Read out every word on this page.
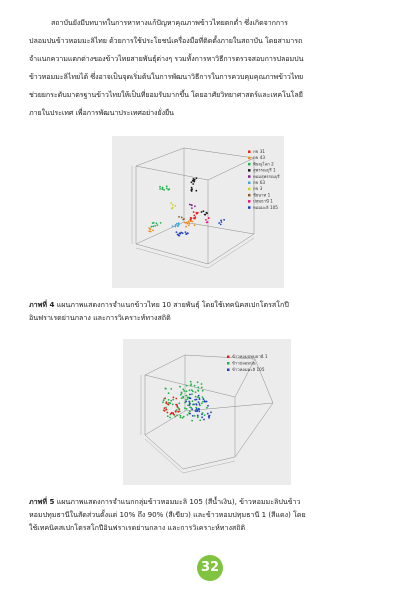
สถาบันยังมีบทบาทในการหาทางแก้ปัญหาคุณภาพข้าวไทยตกต่ำ ซึ่งเกิดจากการ
ปลอมปนข้าวหอมมะลิไทย ด้วยการใช้ประโยชน์เครื่องมือที่ติดตั้งภายในสถาบัน โดยสามารถ
จำแนกความแตกต่างของข้าวไทยสายพันธุ์ต่างๆ รวมทั้งการหาวิธีการตรวจสอบการปลอมปน
ข้าวหอมมะลิไทยได้ ซึ่งอาจเป็นจุดเริ่มต้นในการพัฒนาวิธีการในการควบคุมคุณภาพข้าวไทย
ช่วยยกระดับมาตรฐานข้าวไทยให้เป็นที่ยอมรับมากขึ้น โดยอาศัยวิทยาศาสตร์และเทคโนโลยี
ภายในประเทศ เพื่อการพัฒนาประเทศอย่างยั่งยืน
กข 31
กข 43
พิษณุโลก 2
สุพรรณบุรี 1
หอมสุพรรณบุรี
กข 63
กข 3
ชัยนาท 1
ปทุมธานี 1
หอมมะลิ 105
ภาพที่ 4 แผนภาพแสดงการจำแนกข้าวไทย 10 สายพันธุ์ โดยใช้เทคนิคสเปกโตรสโกปี
อินฟราเรดย่านกลาง และการวิเคราะห์ทางสถิติ
ข้าวหอมปทุมธานี 1
ข้าวปลอมปน
ข้าวหอมมะลิ 105
ภาพที่ 5 แผนภาพแสดงการจำแนกกลุ่มข้าวหอมมะลิ 105 (สีน้ำเงิน), ข้าวหอมมะลิปนข้าว
หอมปทุมธานีในสัดส่วนตั้งแต่ 10% ถึง 90% (สีเขียว) และข้าวหอมปทุมธานี 1 (สีแดง) โดย
ใช้เทคนิคสเปกโตรสโกปีอินฟราเรดย่านกลาง และการวิเคราะห์ทางสถิติ
32
